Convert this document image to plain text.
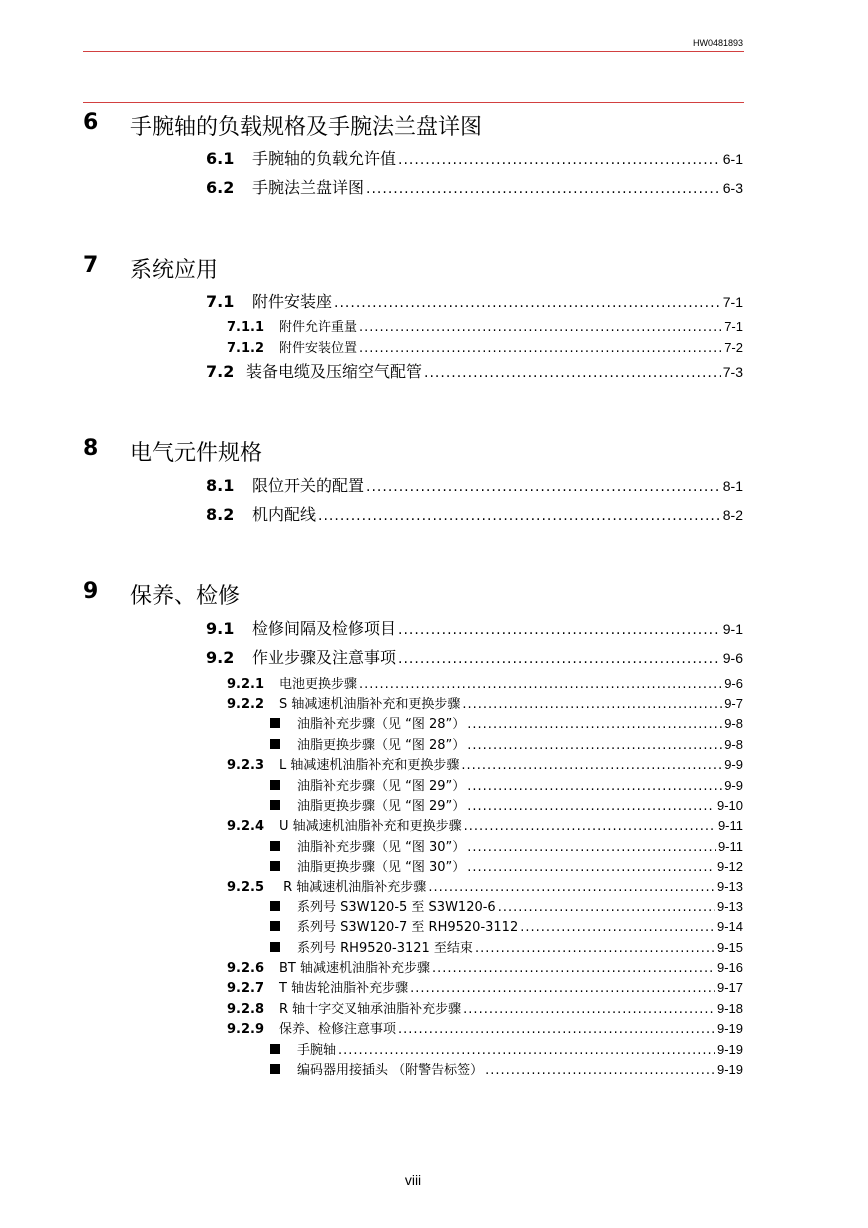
HW0481893
6 手腕轴的负载规格及手腕法兰盘详图
6.1 手腕轴的负载允许值 .....	6-1
6.2 手腕法兰盘详图 .....	6-3
7 系统应用
7.1 附件安装座 .....	7-1
7.1.1 附件允许重量 .....	7-1
7.1.2 附件安装位置 .....	7-2
7.2 装备电缆及压缩空气配管 .....	7-3
8 电气元件规格
8.1 限位开关的配置 .....	8-1
8.2 机内配线 .....	8-2
9 保养、检修
9.1 检修间隔及检修项目 .....	9-1
9.2 作业步骤及注意事项 .....	9-6
9.2.1 电池更换步骤 .....	9-6
9.2.2 S 轴减速机油脂补充和更换步骤 .....	9-7
油脂补充步骤（见 “图 28”） .....	9-8
油脂更换步骤（见 “图 28”） .....	9-8
9.2.3 L 轴减速机油脂补充和更换步骤 .....	9-9
油脂补充步骤（见 “图 29”） .....	9-9
油脂更换步骤（见 “图 29”） .....	9-10
9.2.4 U 轴减速机油脂补充和更换步骤 .....	9-11
油脂补充步骤（见 “图 30”） .....	9-11
油脂更换步骤（见 “图 30”） .....	9-12
9.2.5 R 轴减速机油脂补充步骤 .....	9-13
系列号 S3W120-5 至 S3W120-6 .....	9-13
系列号 S3W120-7 至 RH9520-3112 .....	9-14
系列号 RH9520-3121 至结束 .....	9-15
9.2.6 BT 轴减速机油脂补充步骤 .....	9-16
9.2.7 T 轴齿轮油脂补充步骤 .....	9-17
9.2.8 R 轴十字交叉轴承油脂补充步骤 .....	9-18
9.2.9 保养、检修注意事项 .....	9-19
手腕轴 .....	9-19
编码器用接插头 （附警告标签） .....	9-19
viii
